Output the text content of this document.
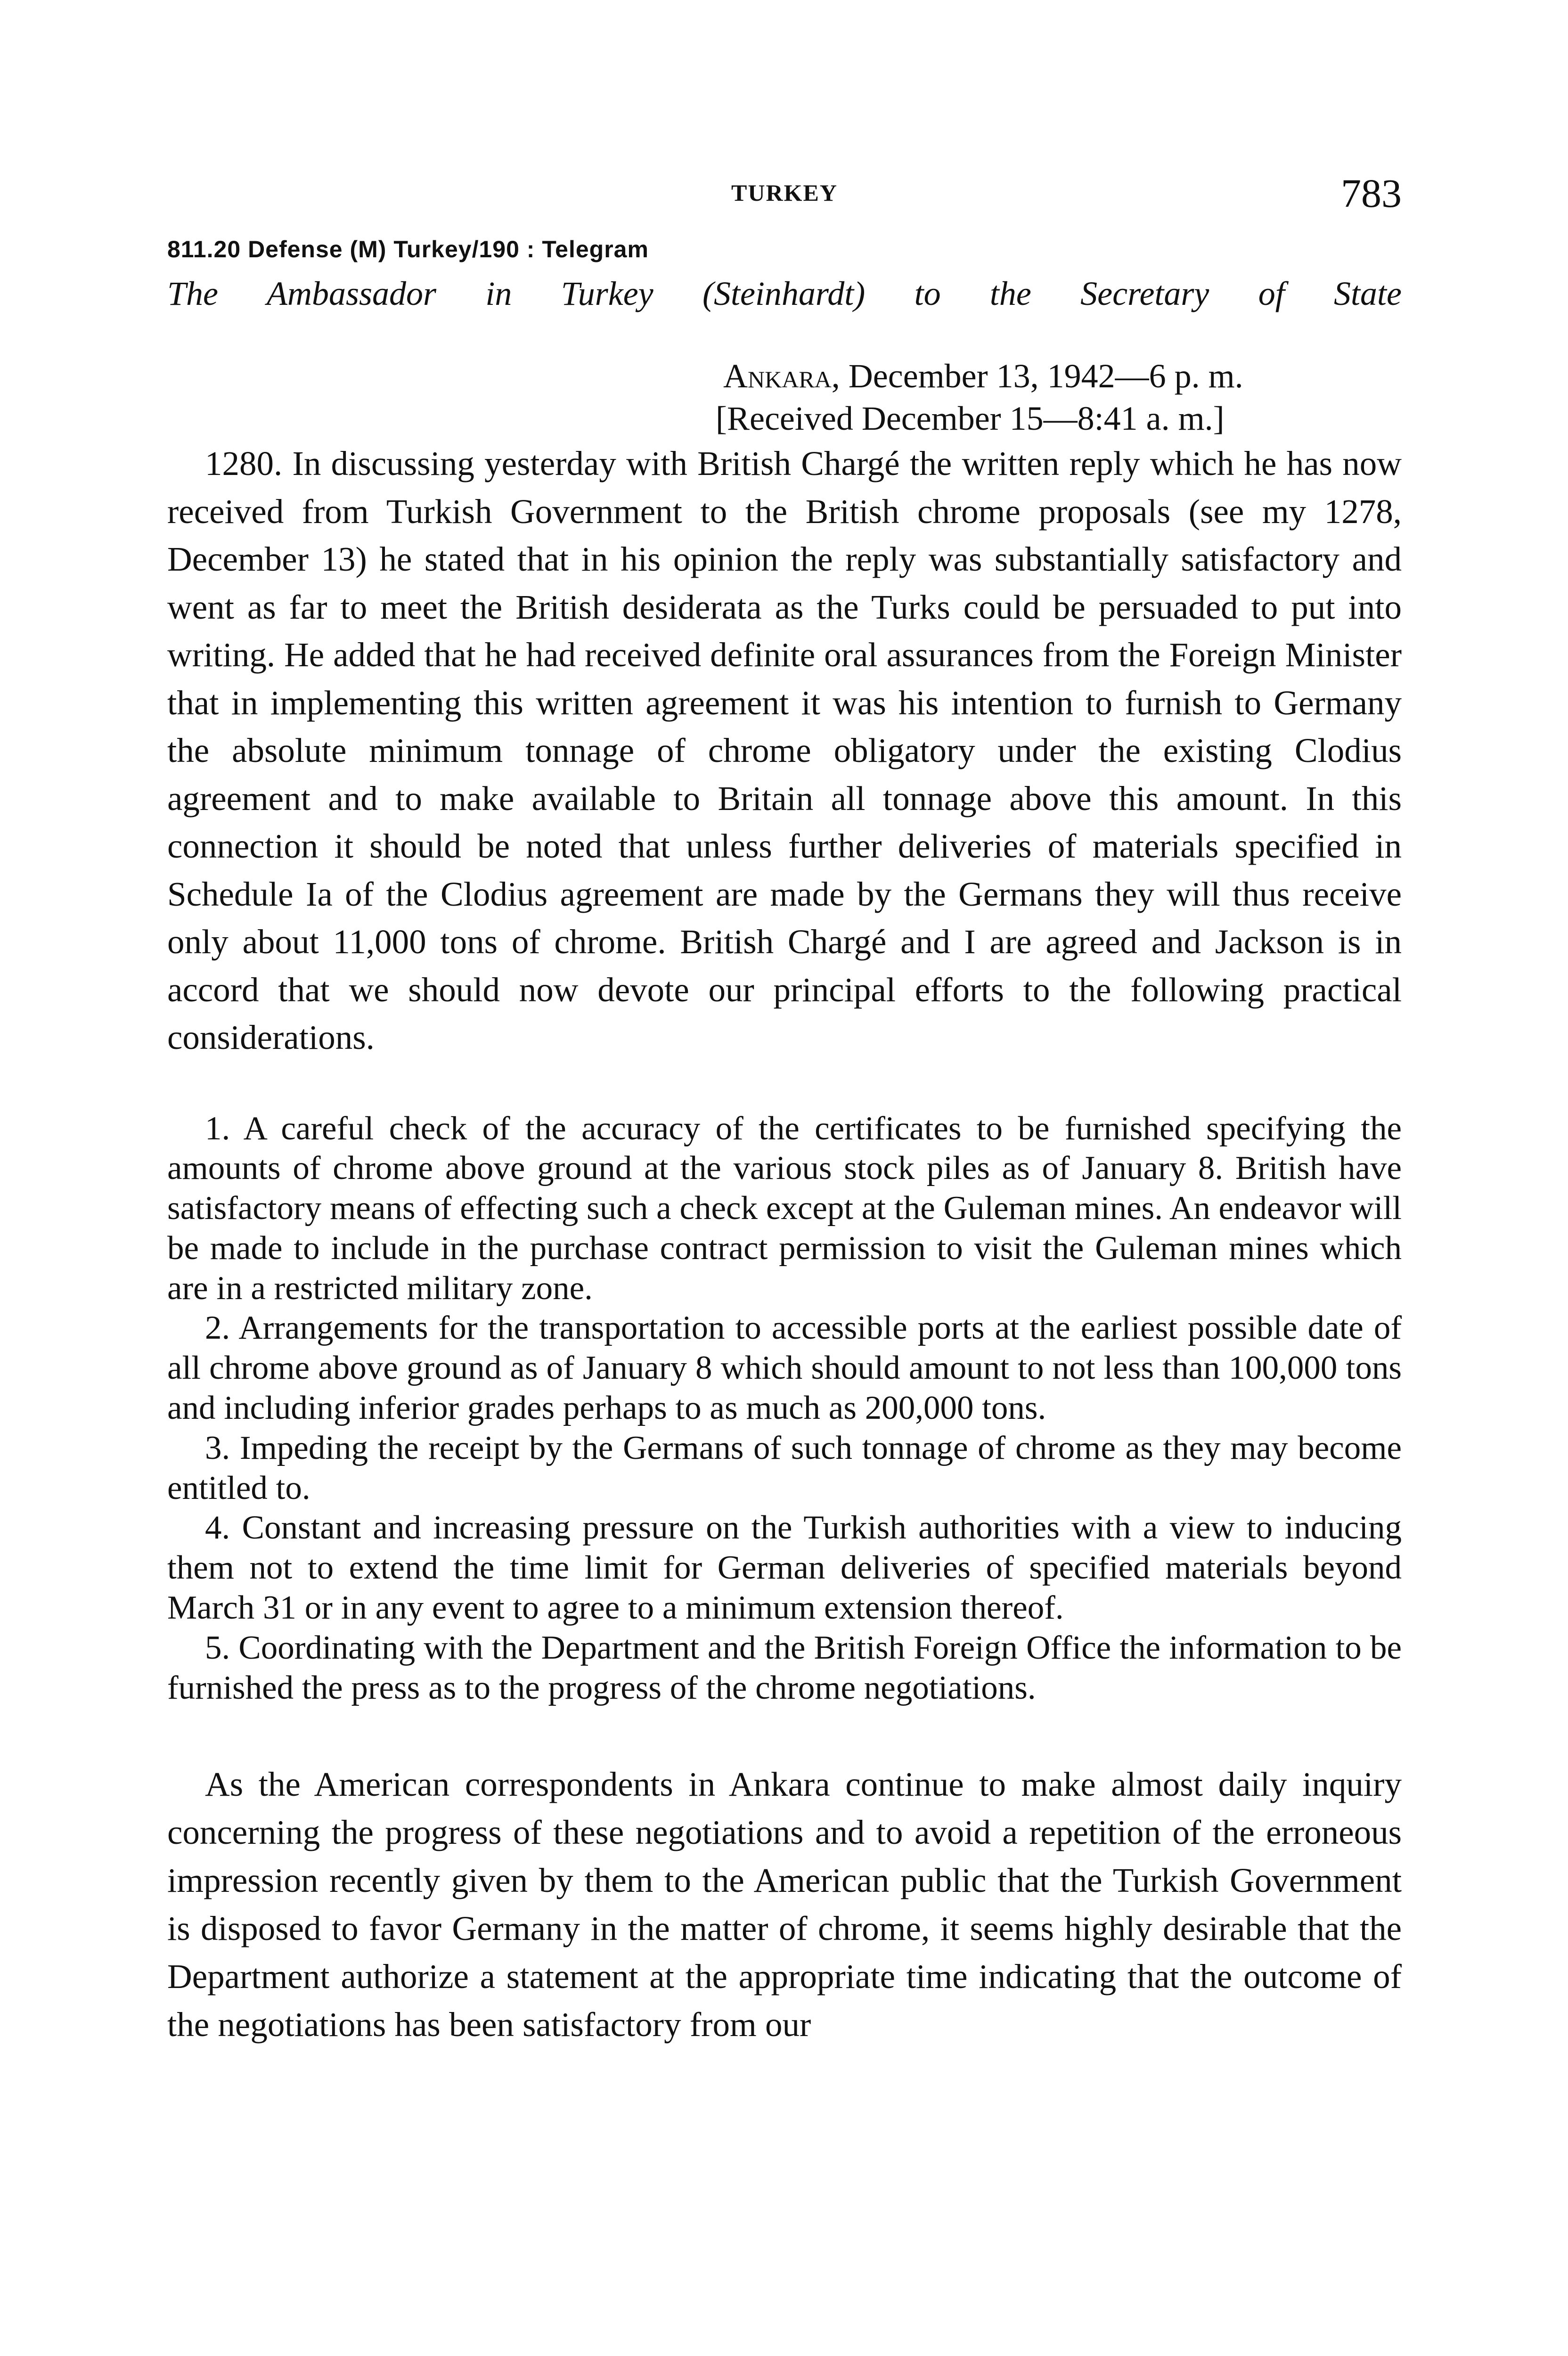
TURKEY	783
811.20 Defense (M) Turkey/190 : Telegram
The Ambassador in Turkey (Steinhardt) to the Secretary of State
Ankara, December 13, 1942—6 p. m.
[Received December 15—8:41 a. m.]

1280. In discussing yesterday with British Chargé the written reply which he has now received from Turkish Government to the British chrome proposals (see my 1278, December 13) he stated that in his opinion the reply was substantially satisfactory and went as far to meet the British desiderata as the Turks could be persuaded to put into writing. He added that he had received definite oral assurances from the Foreign Minister that in implementing this written agreement it was his intention to furnish to Germany the absolute minimum tonnage of chrome obligatory under the existing Clodius agreement and to make available to Britain all tonnage above this amount. In this connection it should be noted that unless further deliveries of materials specified in Schedule Ia of the Clodius agreement are made by the Germans they will thus receive only about 11,000 tons of chrome. British Chargé and I are agreed and Jackson is in accord that we should now devote our principal efforts to the following practical considerations.

1. A careful check of the accuracy of the certificates to be furnished specifying the amounts of chrome above ground at the various stock piles as of January 8. British have satisfactory means of effecting such a check except at the Guleman mines. An endeavor will be made to include in the purchase contract permission to visit the Guleman mines which are in a restricted military zone.

2. Arrangements for the transportation to accessible ports at the earliest possible date of all chrome above ground as of January 8 which should amount to not less than 100,000 tons and including inferior grades perhaps to as much as 200,000 tons.

3. Impeding the receipt by the Germans of such tonnage of chrome as they may become entitled to.

4. Constant and increasing pressure on the Turkish authorities with a view to inducing them not to extend the time limit for German deliveries of specified materials beyond March 31 or in any event to agree to a minimum extension thereof.

5. Coordinating with the Department and the British Foreign Office the information to be furnished the press as to the progress of the chrome negotiations.

As the American correspondents in Ankara continue to make almost daily inquiry concerning the progress of these negotiations and to avoid a repetition of the erroneous impression recently given by them to the American public that the Turkish Government is disposed to favor Germany in the matter of chrome, it seems highly desirable that the Department authorize a statement at the appropriate time indicating that the outcome of the negotiations has been satisfactory from our
